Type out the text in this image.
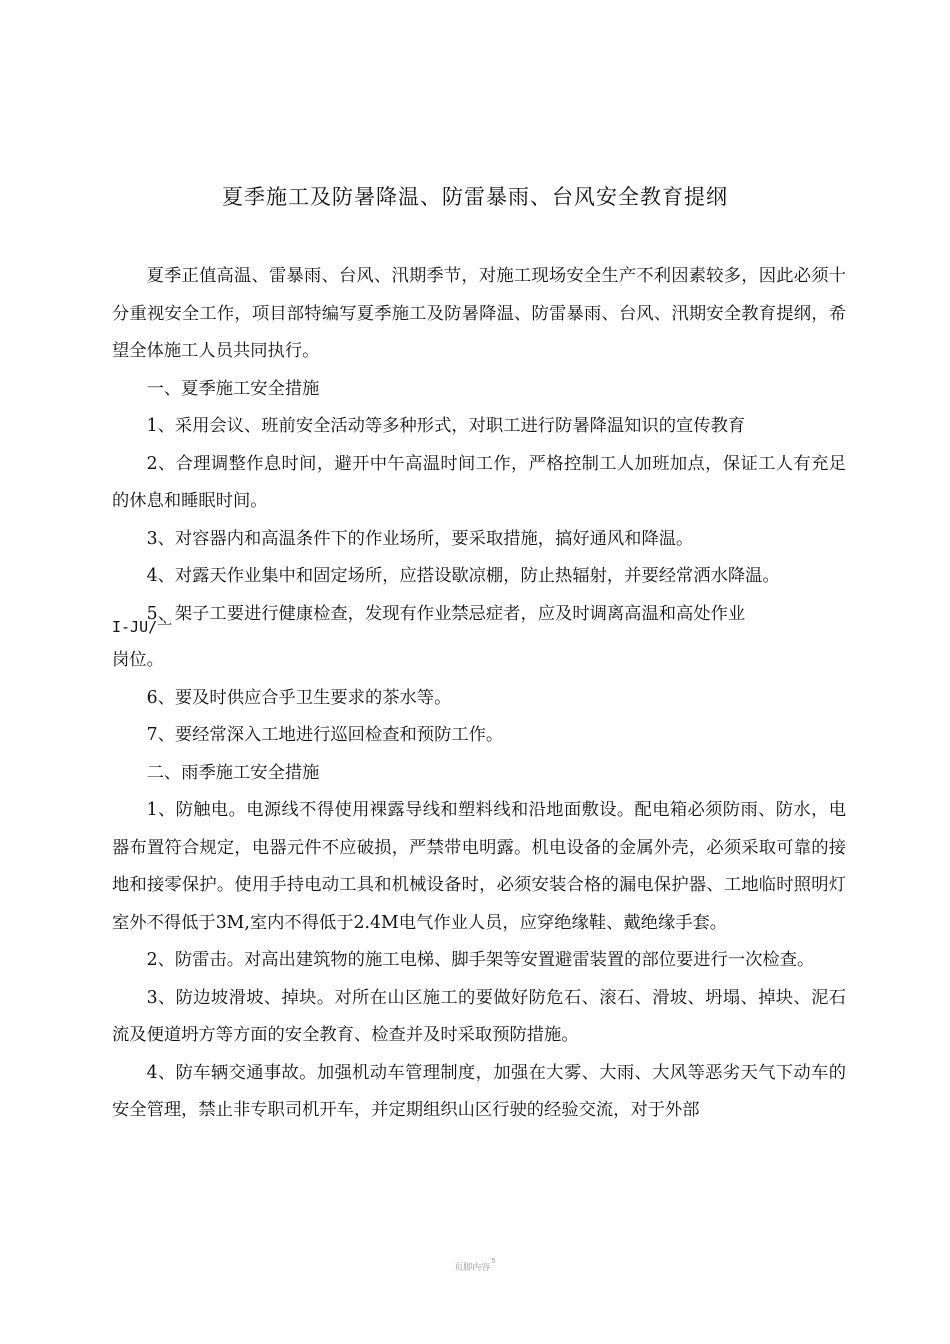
夏季施工及防暑降温、防雷暴雨、台风安全教育提纲

夏季正值高温、雷暴雨、台风、汛期季节，对施工现场安全生产不利因素较多，因此必须十分重视安全工作，项目部特编写夏季施工及防暑降温、防雷暴雨、台风、汛期安全教育提纲，希望全体施工人员共同执行。

一、夏季施工安全措施

1、采用会议、班前安全活动等多种形式，对职工进行防暑降温知识的宣传教育

2、合理调整作息时间，避开中午高温时间工作，严格控制工人加班加点，保证工人有充足的休息和睡眠时间。

3、对容器内和高温条件下的作业场所，要采取措施，搞好通风和降温。

4、对露天作业集中和固定场所，应搭设歇凉棚，防止热辐射，并要经常洒水降温。

5、架子工要进行健康检查，发现有作业禁忌症者，应及时调离高温和高处作业

I-JU/亠

岗位。

6、要及时供应合乎卫生要求的茶水等。

7、要经常深入工地进行巡回检查和预防工作。

二、雨季施工安全措施

1、防触电。电源线不得使用裸露导线和塑料线和沿地面敷设。配电箱必须防雨、防水，电器布置符合规定，电器元件不应破损，严禁带电明露。机电设备的金属外壳，必须采取可靠的接地和接零保护。使用手持电动工具和机械设备时，必须安装合格的漏电保护器、工地临时照明灯室外不得低于3M,室内不得低于2.4M电气作业人员，应穿绝缘鞋、戴绝缘手套。

2、防雷击。对高出建筑物的施工电梯、脚手架等安置避雷装置的部位要进行一次检查。

3、防边坡滑坡、掉块。对所在山区施工的要做好防危石、滚石、滑坡、坍塌、掉块、泥石流及便道坍方等方面的安全教育、检查并及时采取预防措施。

4、防车辆交通事故。加强机动车管理制度，加强在大雾、大雨、大风等恶劣天气下动车的安全管理，禁止非专职司机开车，并定期组织山区行驶的经验交流，对于外部

页脚内容$^5$
